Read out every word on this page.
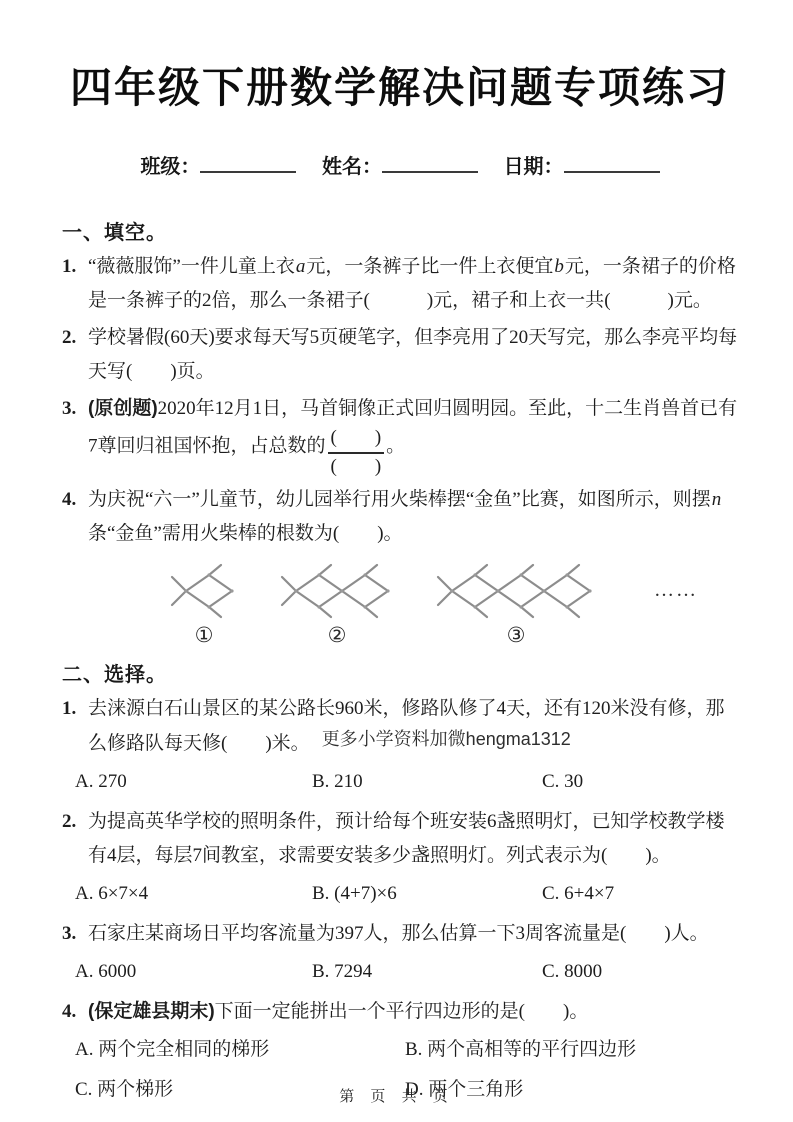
四年级下册数学解决问题专项练习
班级：	姓名：	日期：
一、填空。
1. “薇薇服饰”一件儿童上衣a元，一条裤子比一件上衣便宜b元，一条裙子的价格是一条裤子的2倍，那么一条裙子(　　　)元，裙子和上衣一共(　　　)元。
2. 学校暑假(60天)要求每天写5页硬笔字，但李亮用了20天写完，那么李亮平均每天写(　　)页。
3. (原创题)2020年12月1日，马首铜像正式回归圆明园。至此，十二生肖兽首已有7尊回归祖国怀抱，占总数的 $\frac{( )}{( )}$ 。
4. 为庆祝“六一”儿童节，幼儿园举行用火柴棒摆“金鱼”比赛，如图所示，则摆n条“金鱼”需用火柴棒的根数为(　　)。
①	②	③
……
二、选择。
1. 去涞源白石山景区的某公路长960米，修路队修了4天，还有120米没有修，那么修路队每天修(　　)米。 更多小学资料加微hengma1312
A. 270	B. 210	C. 30
2. 为提高英华学校的照明条件，预计给每个班安装6盏照明灯，已知学校教学楼有4层，每层7间教室，求需要安装多少盏照明灯。列式表示为(　　)。
A. 6×7×4	B. (4+7)×6	C. 6+4×7
3. 石家庄某商场日平均客流量为397人，那么估算一下3周客流量是(　　)人。
A. 6000	B. 7294	C. 8000
4. (保定雄县期末)下面一定能拼出一个平行四边形的是(　　)。
A. 两个完全相同的梯形	B. 两个高相等的平行四边形
C. 两个梯形	D. 两个三角形
第 页 共 页
